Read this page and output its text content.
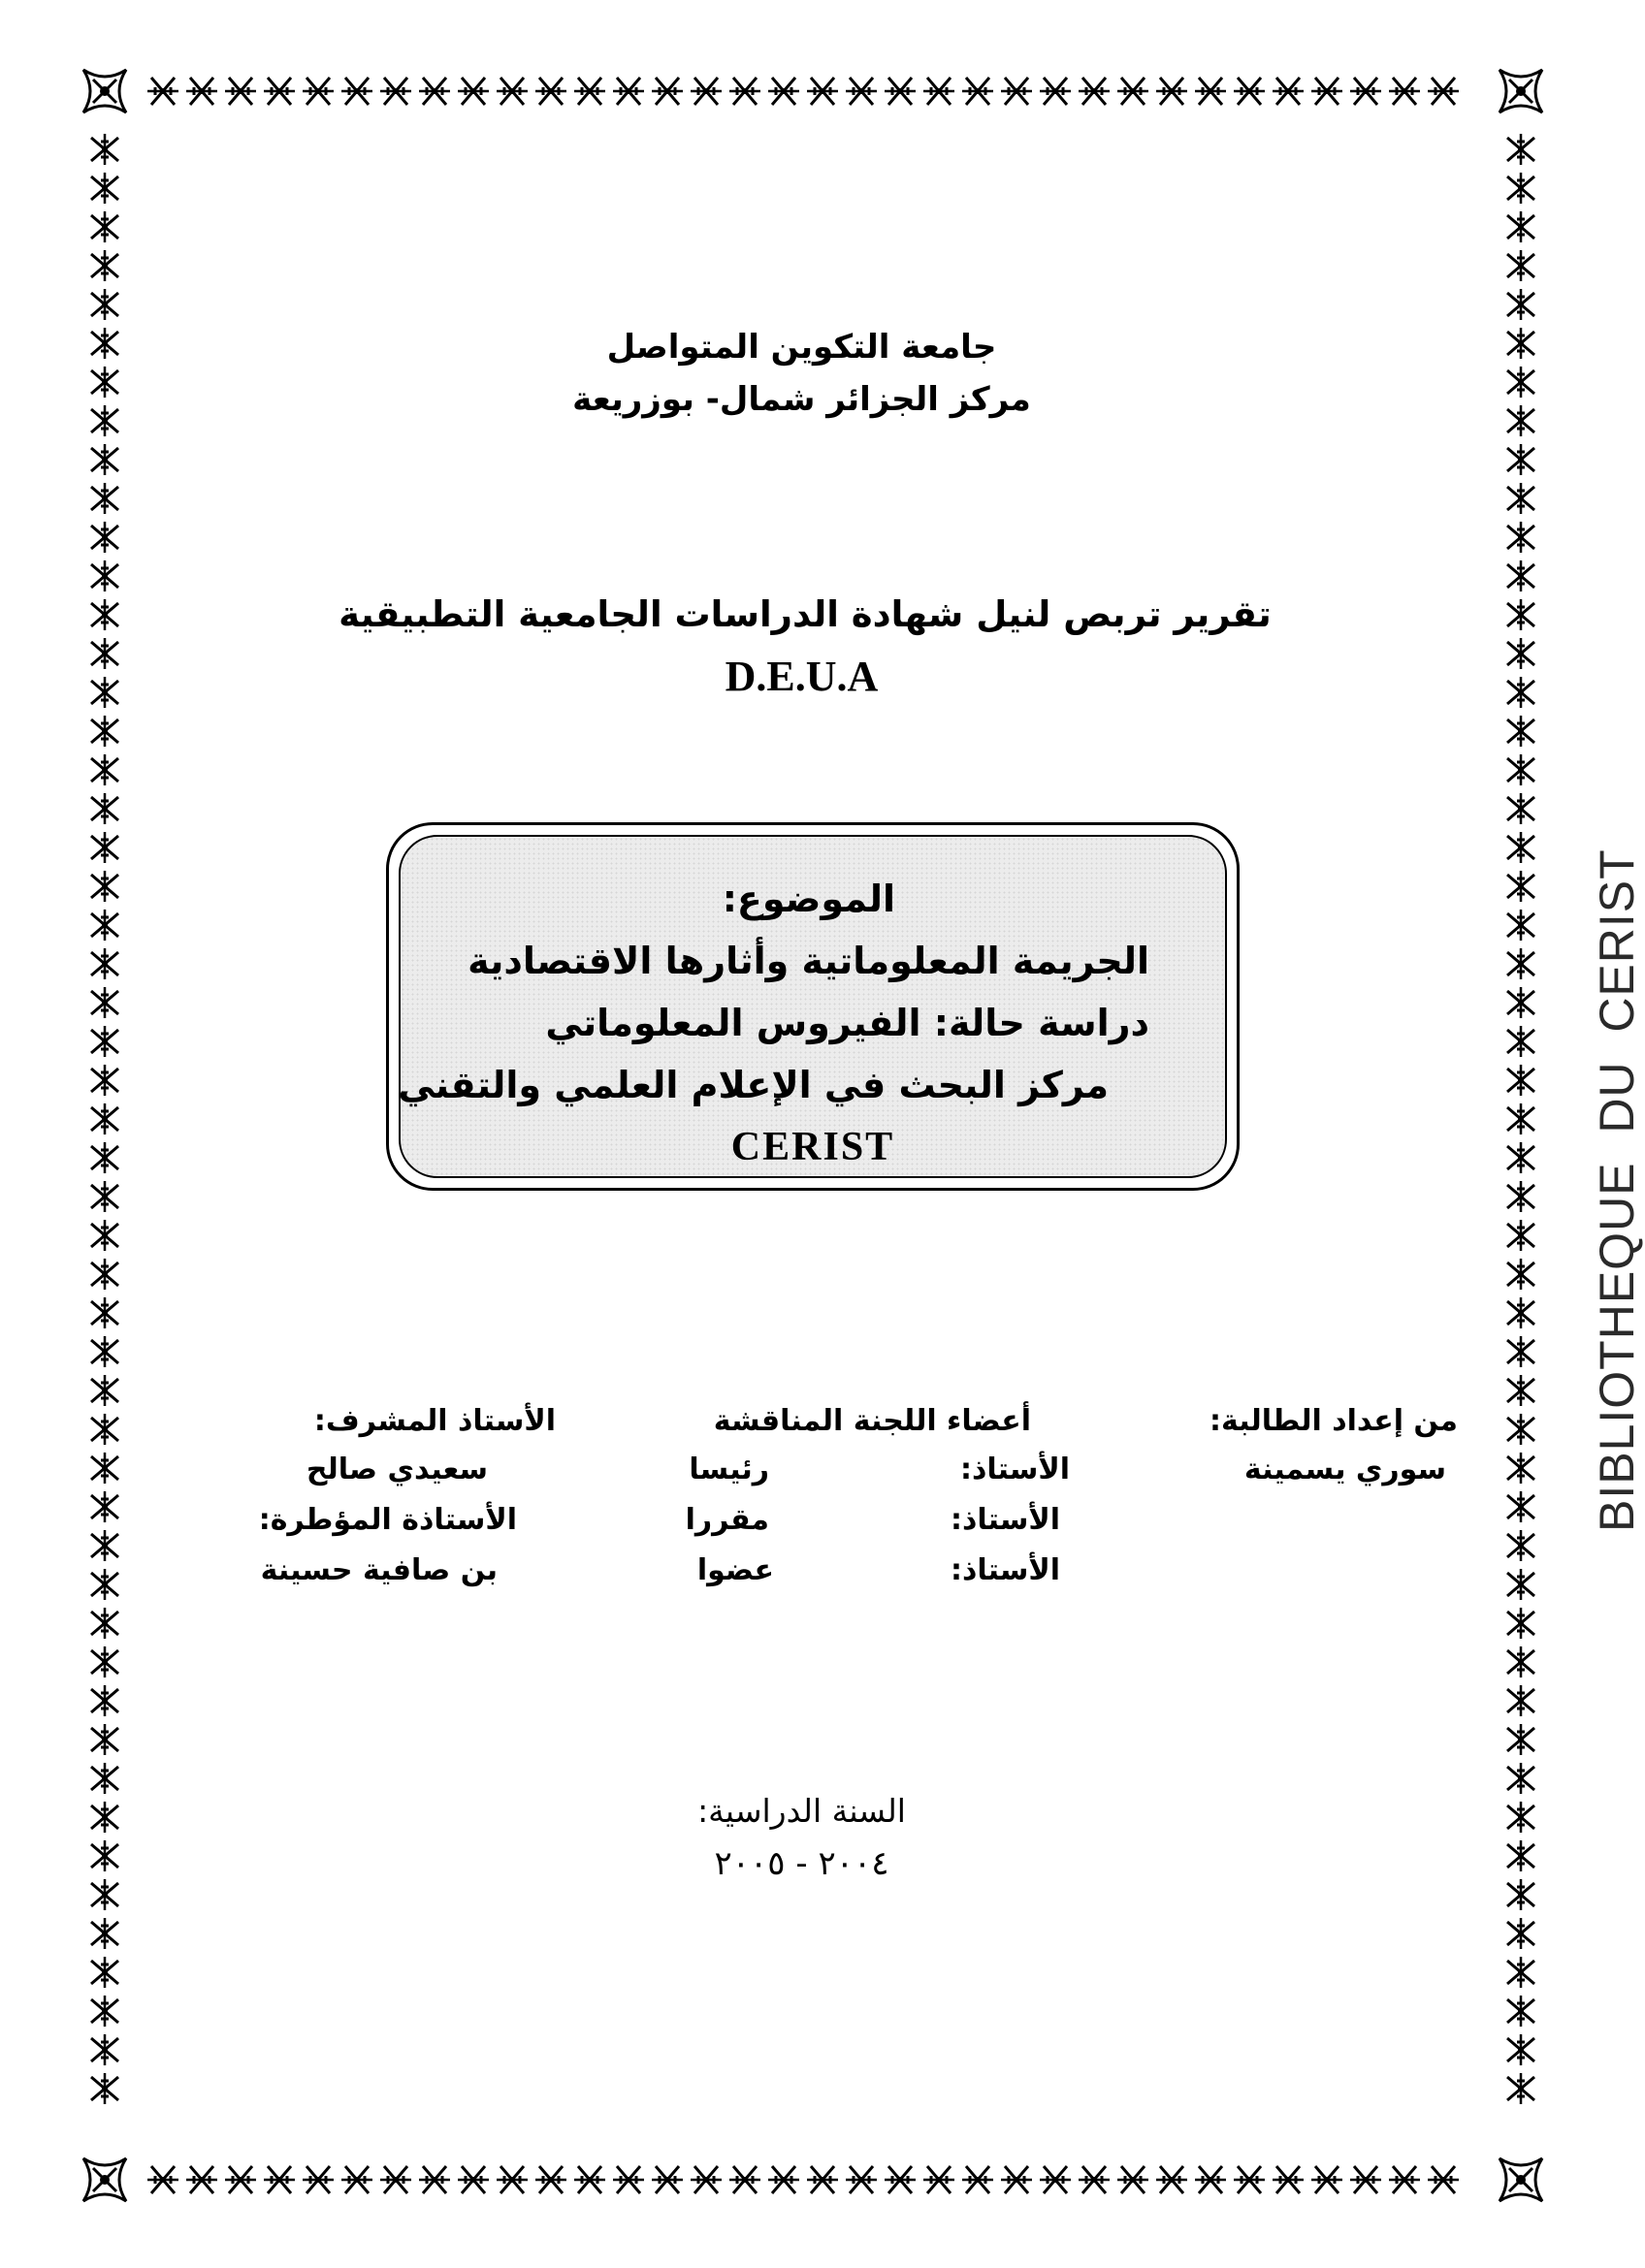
جامعة التكوين المتواصل
مركز الجزائر شمال- بوزريعة
تقرير تربص لنيل شهادة الدراسات الجامعية التطبيقية
D.E.U.A
الموضوع:
الجريمة المعلوماتية وأثارها الاقتصادية
دراسة حالة: الفيروس المعلوماتي
مركز البحث في الإعلام العلمي والتقني
CERIST	BIBLIOTHEQUE  DU  CERIST
من إعداد الطالبة:
سوري يسمينة
أعضاء اللجنة المناقشة
الأستاذ:
رئيسا
الأستاذ:
مقررا
الأستاذ:
عضوا
الأستاذ المشرف:
سعيدي صالح
الأستاذة المؤطرة:
بن صافية حسينة
السنة الدراسية:
٢٠٠٤ - ٢٠٠٥
